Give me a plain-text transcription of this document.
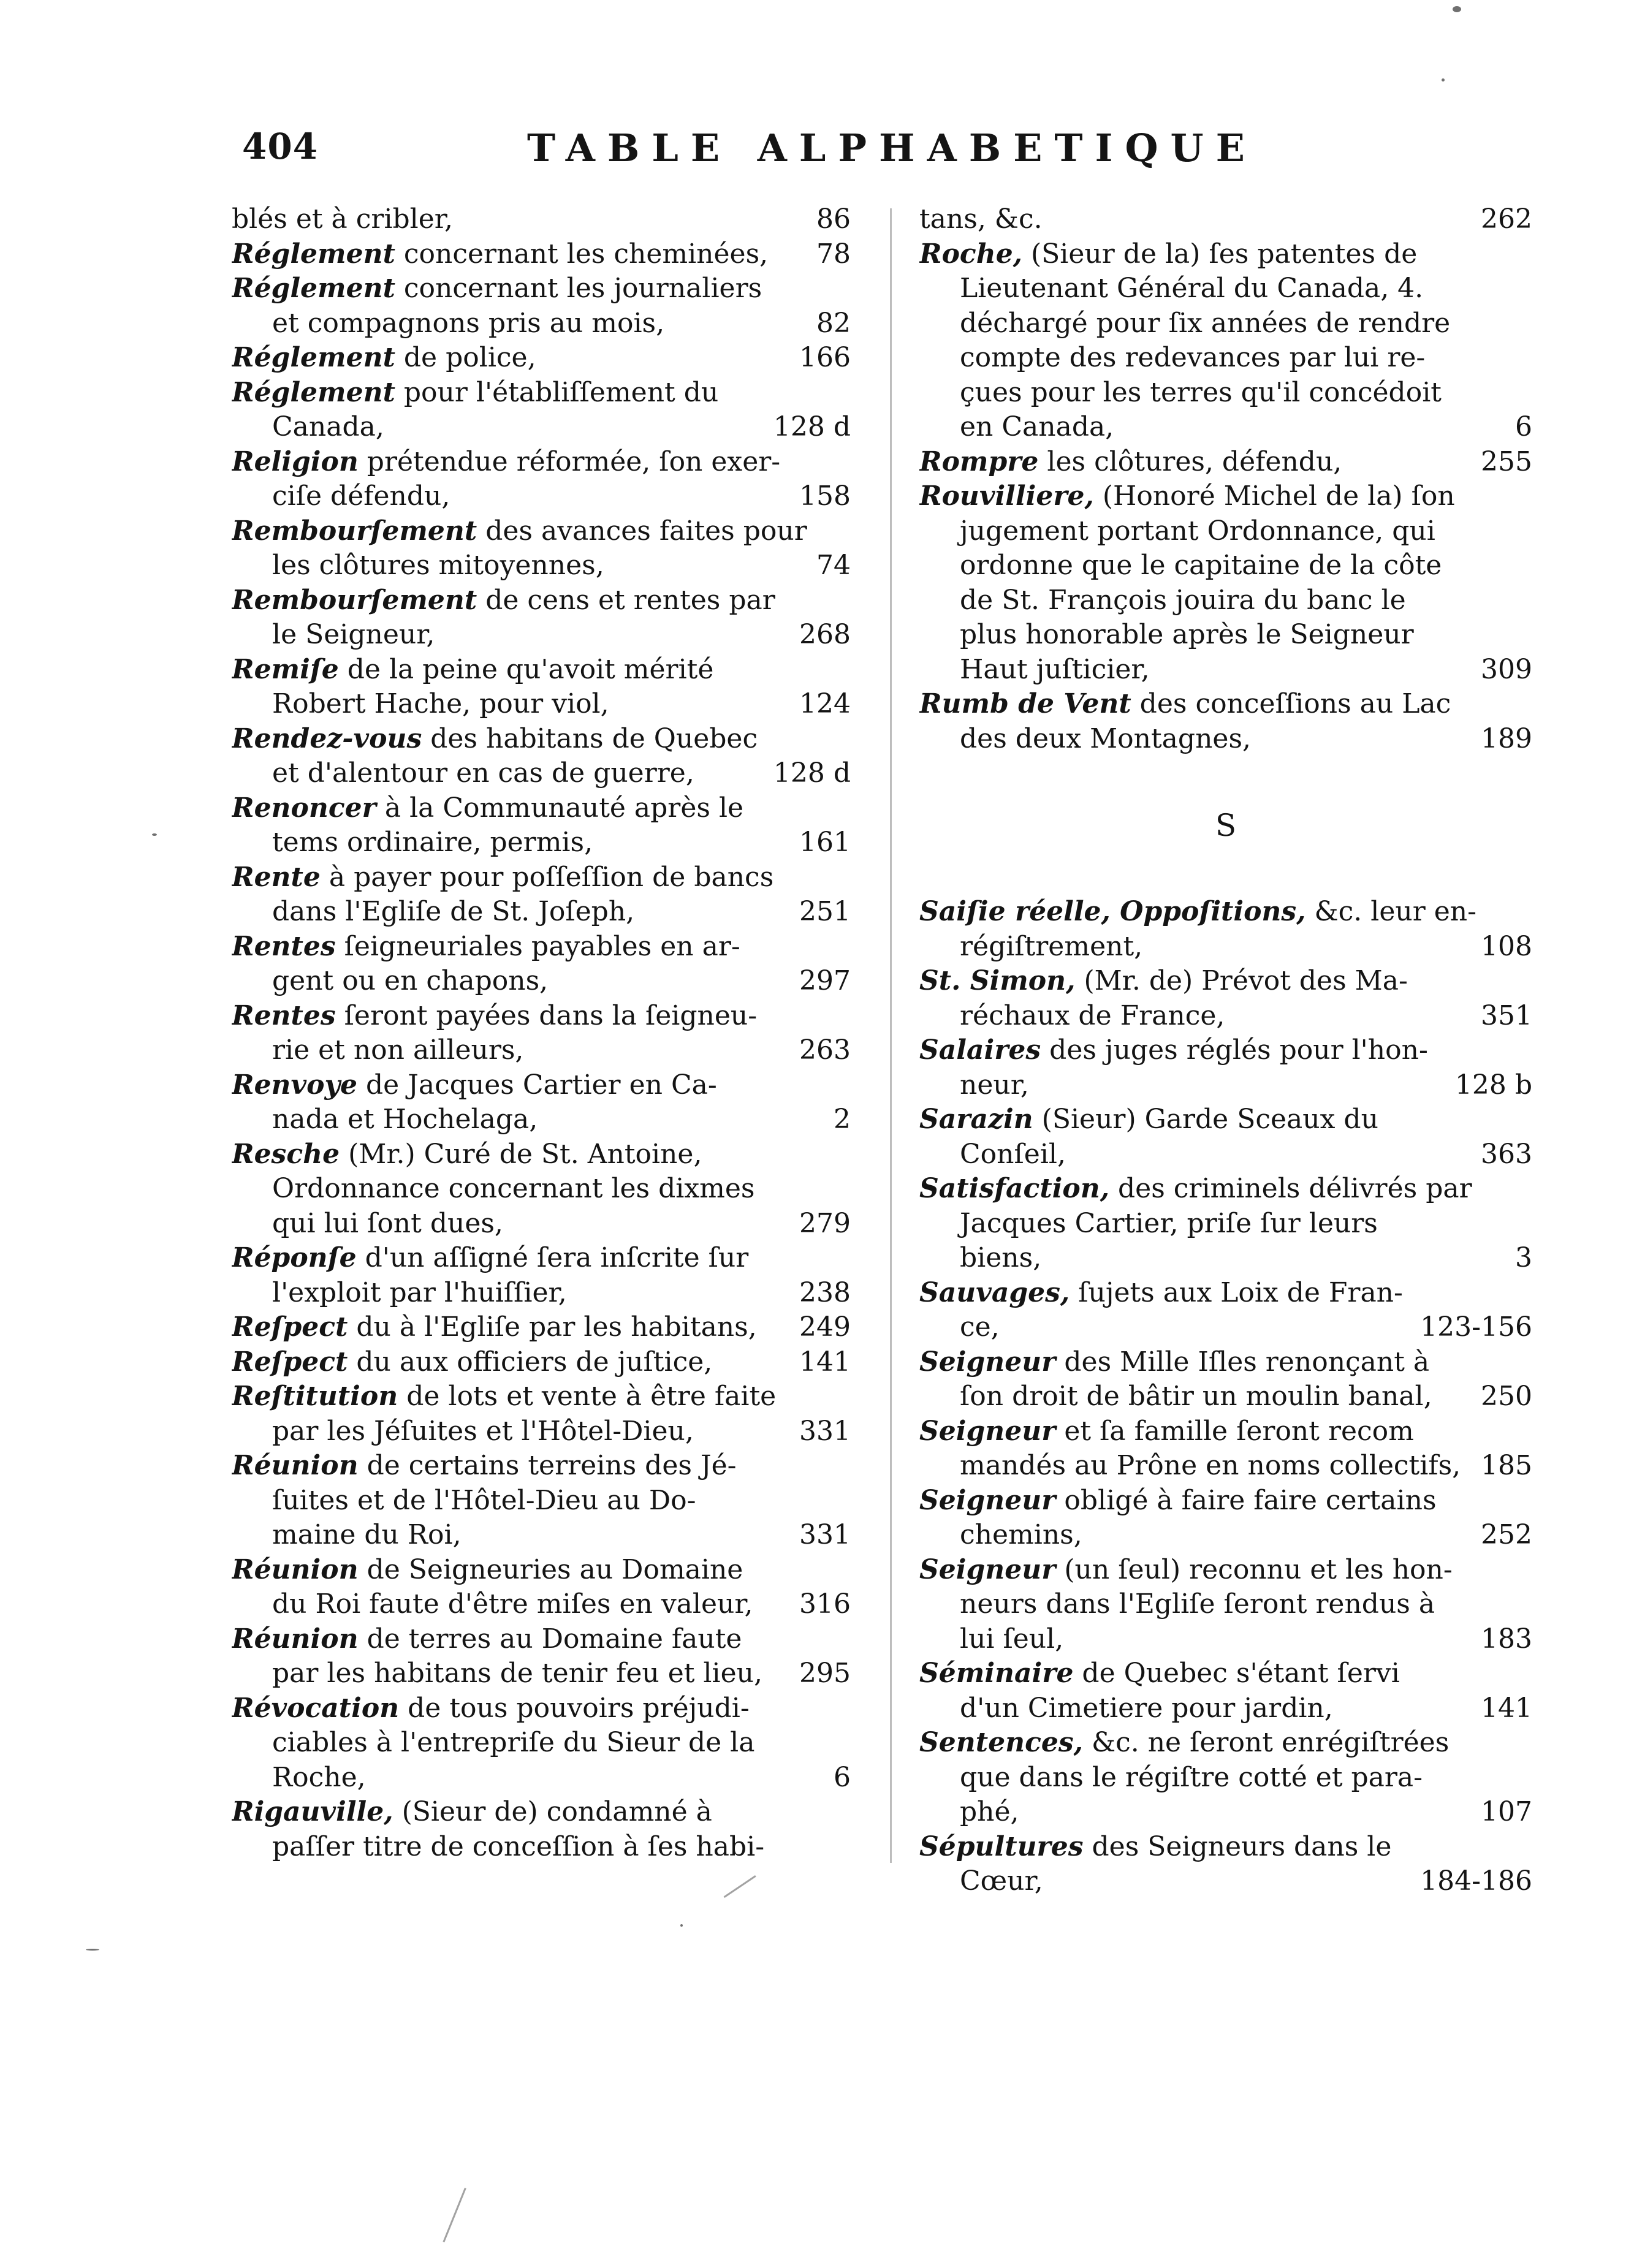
404	TABLE ALPHABETIQUE
blés et à cribler,	86
Réglement concernant les cheminées,	78
Réglement concernant les journaliers
et compagnons pris au mois,	82
Réglement de police,	166
Réglement pour l'établiſſement du
Canada,	128 d
Religion prétendue réformée, ſon exer-
ciſe défendu,	158
Rembourſement des avances faites pour
les clôtures mitoyennes,	74
Rembourſement de cens et rentes par
le Seigneur,	268
Remiſe de la peine qu'avoit mérité
Robert Hache, pour viol,	124
Rendez-vous des habitans de Quebec
et d'alentour en cas de guerre,	128 d
Renoncer à la Communauté après le
tems ordinaire, permis,	161
Rente à payer pour poſſeſſion de bancs
dans l'Egliſe de St. Joſeph,	251
Rentes ſeigneuriales payables en ar-
gent ou en chapons,	297
Rentes ſeront payées dans la ſeigneu-
rie et non ailleurs,	263
Renvoye de Jacques Cartier en Ca-
nada et Hochelaga,	2
Resche (Mr.) Curé de St. Antoine,
Ordonnance concernant les dixmes
qui lui ſont dues,	279
Réponſe d'un aſſigné ſera inſcrite ſur
l'exploit par l'huiſſier,	238
Reſpect du à l'Egliſe par les habitans,	249
Reſpect du aux officiers de juſtice,	141
Reſtitution de lots et vente à être faite
par les Jéſuites et l'Hôtel-Dieu,	331
Réunion de certains terreins des Jé-
ſuites et de l'Hôtel-Dieu au Do-
maine du Roi,	331
Réunion de Seigneuries au Domaine
du Roi faute d'être miſes en valeur,	316
Réunion de terres au Domaine faute
par les habitans de tenir feu et lieu,	295
Révocation de tous pouvoirs préjudi-
ciables à l'entrepriſe du Sieur de la
Roche,	6
Rigauville, (Sieur de) condamné à
paſſer titre de conceſſion à ſes habi-
tans, &c.	262
Roche, (Sieur de la) ſes patentes de
Lieutenant Général du Canada, 4.
déchargé pour ſix années de rendre
compte des redevances par lui re-
çues pour les terres qu'il concédoit
en Canada,	6
Rompre les clôtures, défendu,	255
Rouvilliere, (Honoré Michel de la) ſon
jugement portant Ordonnance, qui
ordonne que le capitaine de la côte
de St. François jouira du banc le
plus honorable après le Seigneur
Haut juſticier,	309
Rumb de Vent des conceſſions au Lac
des deux Montagnes,	189
S
Saiſie réelle, Oppoſitions, &c. leur en-
régiſtrement,	108
St. Simon, (Mr. de) Prévot des Ma-
réchaux de France,	351
Salaires des juges réglés pour l'hon-
neur,	128 b
Sarazin (Sieur) Garde Sceaux du
Conſeil,	363
Satisfaction, des criminels délivrés par
Jacques Cartier, priſe ſur leurs
biens,	3
Sauvages, ſujets aux Loix de Fran-
ce,	123-156
Seigneur des Mille Iſles renonçant à
ſon droit de bâtir un moulin banal,	250
Seigneur et ſa famille ſeront recom
mandés au Prône en noms collectifs, 185
Seigneur obligé à faire faire certains
chemins,	252
Seigneur (un ſeul) reconnu et les hon-
neurs dans l'Egliſe ſeront rendus à
lui ſeul,	183
Séminaire de Quebec s'étant ſervi
d'un Cimetiere pour jardin,	141
Sentences, &c. ne ſeront enrégiſtrées
que dans le régiſtre cotté et para-
phé,	107
Sépultures des Seigneurs dans le
Cœur,	184-186
